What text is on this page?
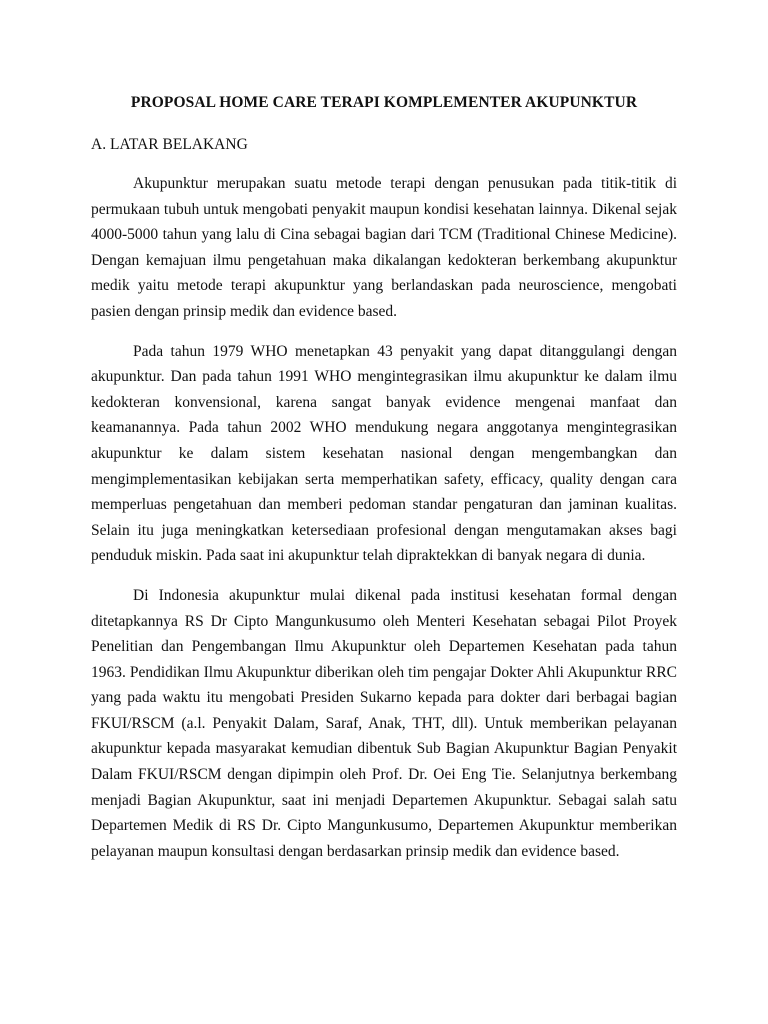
PROPOSAL HOME CARE TERAPI KOMPLEMENTER AKUPUNKTUR
A. LATAR BELAKANG

Akupunktur merupakan suatu metode terapi dengan penusukan pada titik-titik di permukaan tubuh untuk mengobati penyakit maupun kondisi kesehatan lainnya. Dikenal sejak 4000-5000 tahun yang lalu di Cina sebagai bagian dari TCM (Traditional Chinese Medicine). Dengan kemajuan ilmu pengetahuan maka dikalangan kedokteran berkembang akupunktur medik yaitu metode terapi akupunktur yang berlandaskan pada neuroscience, mengobati pasien dengan prinsip medik dan evidence based.

Pada tahun 1979 WHO menetapkan 43 penyakit yang dapat ditanggulangi dengan akupunktur. Dan pada tahun 1991 WHO mengintegrasikan ilmu akupunktur ke dalam ilmu kedokteran konvensional, karena sangat banyak evidence mengenai manfaat dan keamanannya. Pada tahun 2002 WHO mendukung negara anggotanya mengintegrasikan akupunktur ke dalam sistem kesehatan nasional dengan mengembangkan dan mengimplementasikan kebijakan serta memperhatikan safety, efficacy, quality dengan cara memperluas pengetahuan dan memberi pedoman standar pengaturan dan jaminan kualitas. Selain itu juga meningkatkan ketersediaan profesional dengan mengutamakan akses bagi penduduk miskin. Pada saat ini akupunktur telah dipraktekkan di banyak negara di dunia.

Di Indonesia akupunktur mulai dikenal pada institusi kesehatan formal dengan ditetapkannya RS Dr Cipto Mangunkusumo oleh Menteri Kesehatan sebagai Pilot Proyek Penelitian dan Pengembangan Ilmu Akupunktur oleh Departemen Kesehatan pada tahun 1963. Pendidikan Ilmu Akupunktur diberikan oleh tim pengajar Dokter Ahli Akupunktur RRC yang pada waktu itu mengobati Presiden Sukarno kepada para dokter dari berbagai bagian FKUI/RSCM (a.l. Penyakit Dalam, Saraf, Anak, THT, dll). Untuk memberikan pelayanan akupunktur kepada masyarakat kemudian dibentuk Sub Bagian Akupunktur Bagian Penyakit Dalam FKUI/RSCM dengan dipimpin oleh Prof. Dr. Oei Eng Tie. Selanjutnya berkembang menjadi Bagian Akupunktur, saat ini menjadi Departemen Akupunktur. Sebagai salah satu Departemen Medik di RS Dr. Cipto Mangunkusumo, Departemen Akupunktur memberikan pelayanan maupun konsultasi dengan berdasarkan prinsip medik dan evidence based.
